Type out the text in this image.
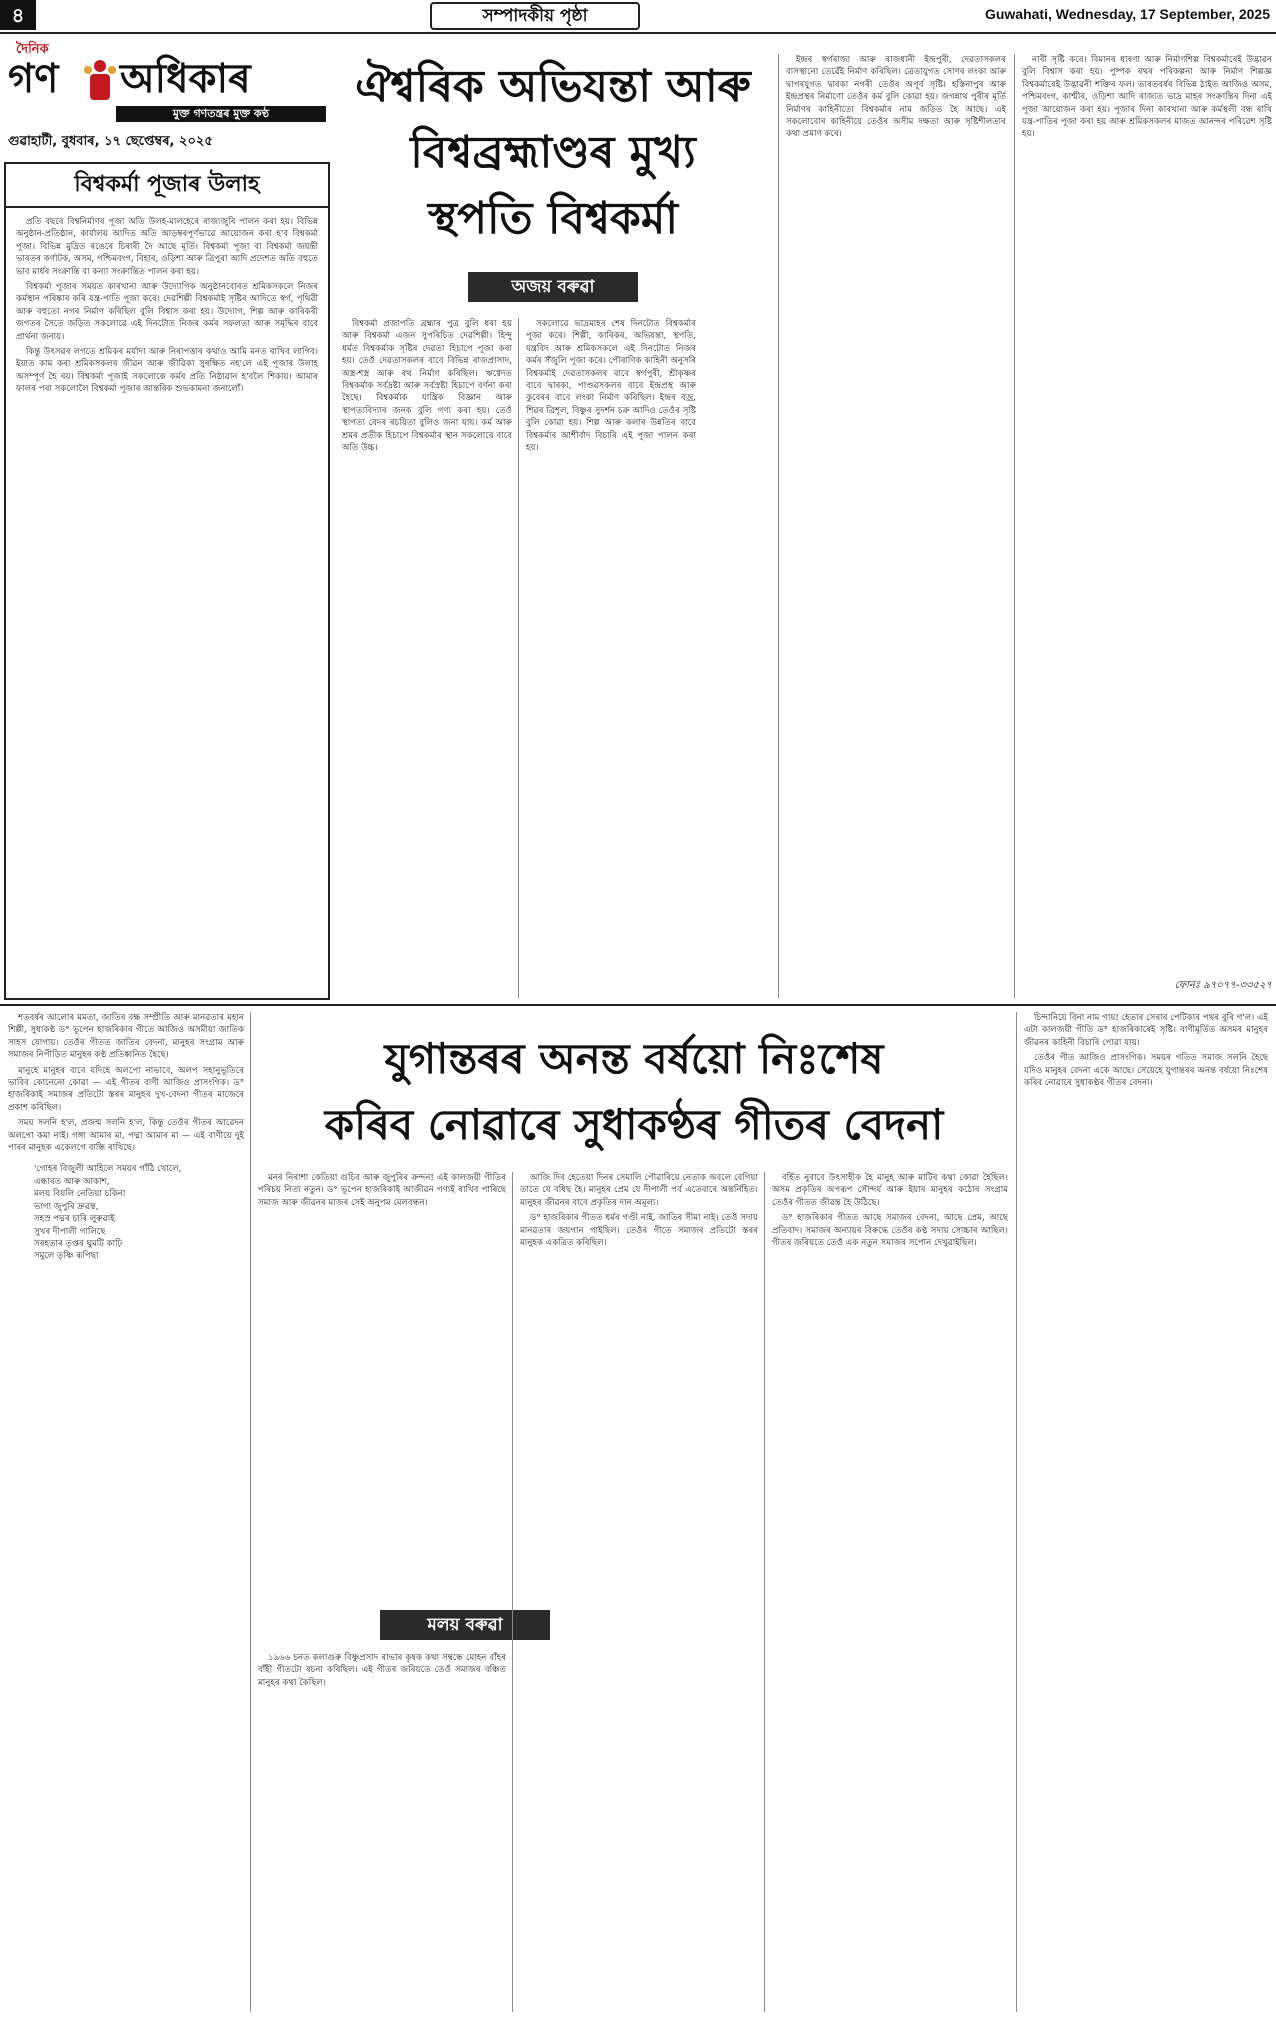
৪	সম্পাদকীয় পৃষ্ঠা	Guwahati, Wednesday, 17 September, 2025
দৈনিক
গণ অধিকাৰ
মুক্ত গণতন্ত্ৰৰ মুক্ত কণ্ঠ
গুৱাহাটী, বুধবাৰ, ১৭ ছেপ্তেম্বৰ, ২০২৫
বিশ্বকৰ্মা পূজাৰ উলাহ

প্ৰতি বছৰে বিশ্বনিৰ্মাণৰ পূজা অতি উলহ-মালহেৰে ৰাজ্যজুৰি পালন কৰা হয়। বিভিন্ন অনুষ্ঠান-প্ৰতিষ্ঠান, কাৰ্যালয় আদিত অতি আড়ম্বৰপূৰ্ণভাৱে আয়োজন কৰা হ'ব বিশ্বকৰ্মা পূজা। বিভিন্ন মুদ্ৰিত ৰঙেৰে চিৰাৰী দৈ আছে মূৰ্তি। বিশ্বকৰ্মা পূজা বা বিশ্বকৰ্মা জয়ন্তী ভাৰতৰ কৰ্ণাটক, অসম, পশ্চিমবংগ, বিহাৰ, ওড়িশা আৰু ত্ৰিপুৰা আদি প্ৰদেশত অতি বহুতে ভাব মাৰ্ধৰ সংক্ৰান্তি বা কন্যা সংক্ৰান্তিত পালন কৰা হয়।

বিশ্বকৰ্মা পূজাৰ সময়ত কাৰখানা আৰু উদ্যোগিক অনুষ্ঠানবোৰত শ্ৰমিকসকলে নিজৰ কৰ্মস্থান পৰিষ্কাৰ কৰি যন্ত্ৰ-পাতি পূজা কৰে। দেৱশিল্পী বিশ্বকৰ্মাই সৃষ্টিৰ আদিতে স্বৰ্গ, পৃথিৱী আৰু বহুতো নগৰ নিৰ্মাণ কৰিছিল বুলি বিশ্বাস কৰা হয়। উদ্যোগ, শিল্প আৰু কাৰিকৰী জগতৰ সৈতে জড়িত সকলোৱে এই দিনটোত নিজৰ কৰ্মৰ সফলতা আৰু সমৃদ্ধিৰ বাবে প্ৰাৰ্থনা জনায়।

কিন্তু উৎসৱৰ লগতে শ্ৰমিকৰ মৰ্যাদা আৰু নিৰাপত্তাৰ কথাও আমি মনত ৰাখিব লাগিব। ইয়াত কাম কৰা শ্ৰমিকসকলৰ জীৱন আৰু জীৱিকা সুৰক্ষিত নহ'লে এই পূজাৰ উলাহ অসম্পূৰ্ণ হৈ ৰয়। বিশ্বকৰ্মা পূজাই সকলোকে কৰ্মৰ প্ৰতি নিষ্ঠাৱান হ'বলৈ শিকায়। আমাৰ ফালৰ পৰা সকলোলৈ বিশ্বকৰ্মা পূজাৰ আন্তৰিক শুভকামনা জনালোঁ।

ঐশ্বৰিক অভিযন্তা আৰু
বিশ্বব্ৰহ্মাণ্ডৰ মুখ্য
স্থপতি বিশ্বকৰ্মা
অজয় বৰুৱা

বিশ্বকৰ্মা প্ৰজাপতি ব্ৰহ্মাৰ পুত্ৰ বুলি ধৰা হয় আৰু বিশ্বকৰ্মা এজন সুপৰিচিত দেৱশিল্পী। হিন্দু ধৰ্মত বিশ্বকৰ্মাক সৃষ্টিৰ দেৱতা হিচাপে পূজা কৰা হয়। তেওঁ দেৱতাসকলৰ বাবে বিভিন্ন ৰাজপ্ৰাসাদ, অস্ত্ৰ-শস্ত্ৰ আৰু ৰথ নিৰ্মাণ কৰিছিল। ঋগ্বেদত বিশ্বকৰ্মাক সৰ্বদ্ৰষ্টা আৰু সৰ্বস্ৰষ্টা হিচাপে বৰ্ণনা কৰা হৈছে। বিশ্বকৰ্মাক যান্ত্ৰিক বিজ্ঞান আৰু স্থাপত্যবিদ্যাৰ জনক বুলি গণ্য কৰা হয়। তেওঁ স্থাপত্য বেদৰ ৰচয়িতা বুলিও জনা যায়। কৰ্ম আৰু শ্ৰমৰ প্ৰতীক হিচাপে বিশ্বকৰ্মাৰ স্থান সকলোৰে বাবে অতি উচ্চ।

সকলোৱে ভাদ্ৰমাহৰ শেষ দিনটোত বিশ্বকৰ্মাৰ পূজা কৰে। শিল্পী, কাৰিকৰ, অভিযন্তা, স্থপতি, যন্ত্ৰবিদ আৰু শ্ৰমিকসকলে এই দিনটোত নিজৰ কৰ্মৰ সঁজুলি পূজা কৰে। পৌৰাণিক কাহিনী অনুসৰি বিশ্বকৰ্মাই দেৱতাসকলৰ বাবে স্বৰ্গপুৰী, শ্ৰীকৃষ্ণৰ বাবে দ্বাৰকা, পাণ্ডৱসকলৰ বাবে ইন্দ্ৰপ্ৰস্থ আৰু কুবেৰৰ বাবে লংকা নিৰ্মাণ কৰিছিল। ইন্দ্ৰৰ বজ্ৰ, শিৱৰ ত্ৰিশূল, বিষ্ণুৰ সুদৰ্শন চক্ৰ আদিও তেওঁৰ সৃষ্টি বুলি কোৱা হয়। শিল্প আৰু কলাৰ উন্নতিৰ বাবে বিশ্বকৰ্মাৰ আশীৰ্বাদ বিচাৰি এই পূজা পালন কৰা হয়।

ইন্দ্ৰৰ স্বৰ্গৰাজ্য আৰু ৰাজধানী ইন্দ্ৰপুৰী, দেৱতাসকলৰ বাসস্থানো তেৱেঁই নিৰ্মাণ কৰিছিল। ত্ৰেতাযুগত সোণৰ লংকা আৰু দ্বাপৰযুগত দ্বাৰকা নগৰী তেওঁৰ অপূৰ্ব সৃষ্টি। হস্তিনাপুৰ আৰু ইন্দ্ৰপ্ৰস্থৰ নিৰ্মাণো তেওঁৰ কৰ্ম বুলি কোৱা হয়। জগন্নাথ পুৰীৰ মূৰ্তি নিৰ্মাণৰ কাহিনীতো বিশ্বকৰ্মাৰ নাম জড়িত হৈ আছে। এই সকলোবোৰ কাহিনীয়ে তেওঁৰ অসীম দক্ষতা আৰু সৃষ্টিশীলতাৰ কথা প্ৰমাণ কৰে।

নাৰী সৃষ্টি কৰে। বিমানৰ ধাৰণা আৰু নিৰ্মাণশিল্প বিশ্বকৰ্মাৰেই উদ্ভাৱন বুলি বিশ্বাস কৰা হয়। পুষ্পক ৰথৰ পৰিকল্পনা আৰু নিৰ্মাণ শিল্পজ্ঞ বিশ্বকৰ্মাৰেই উদ্ভাৱনী শক্তিৰ ফল। ভাৰতবৰ্ষৰ বিভিন্ন ঠাইত আজিও অসম, পশ্চিমবংগ, কাশ্মীৰ, ওড়িশা আদি ৰাজ্যত ভাদ্ৰ মাহৰ সংক্ৰান্তিৰ দিনা এই পূজা আয়োজন কৰা হয়। পূজাৰ দিনা কাৰখানা আৰু কৰ্মস্থলী বন্ধ ৰাখি যন্ত্ৰ-পাতিৰ পূজা কৰা হয় আৰু শ্ৰমিকসকলৰ মাজত আনন্দৰ পৰিৱেশ সৃষ্টি হয়।

ফোনঃ ৯৭০৭৭-৩৩৫২৭

শতবৰ্ষৰ আলোৰ মমতা, জাতিৰ বক্ষ সম্প্ৰীতি আৰু মানৱতাৰ মহান শিল্পী, সুধাকণ্ঠ ড° ভূপেন হাজৰিকাৰ গীতে আজিও অসমীয়া জাতিক সাহস যোগায়। তেওঁৰ গীতত জাতিৰ বেদনা, মানুহৰ সংগ্ৰাম আৰু সমাজৰ নিপীড়িত মানুহৰ কণ্ঠ প্ৰতিধ্বনিত হৈছে।

মানুহে মানুহৰ বাবে যদিহে অলপো নাভাবে, অলপ সহানুভূতিৰে ভাবিব কোনেনো কোৱা — এই গীতৰ বাণী আজিও প্ৰাসংগিক। ড° হাজৰিকাই সমাজৰ প্ৰতিটো স্তৰৰ মানুহৰ দুখ-বেদনা গীতৰ মাজেৰে প্ৰকাশ কৰিছিল।

সময় সলনি হ'ল, প্ৰজন্ম সলনি হ'ল, কিন্তু তেওঁৰ গীতৰ আৱেদন অলপো কমা নাই। গঙ্গা আমাৰ মা, পদ্মা আমাৰ মা — এই বাণীয়ে দুই পাৰৰ মানুহক একেলগে বান্ধি ৰাখিছে।

'গোহৰ বিজুলী আহিলে সময়ৰ গাঁঠি খোলে,

এন্ধাৰত আৰু আকাশ,

মলয় বিয়লি নেতিয়া চকিনা

ভাগ্য জুপুৰি দ্ৰুৱন্ত,

সহস্ৰ পদ্মৰ চাৰি লুৰুৱাই

সুখৰ দীপালী গালিছে

সৰহতাৰ তৃপ্তৰ ঘুমটি কাঢ়ি

সমুলে তৃষ্ণি ৰূপিছা

যুগান্তৰৰ অনন্ত বৰ্ষয়ো নিঃশেষ
কৰিব নোৱাৰে সুধাকণ্ঠৰ গীতৰ বেদনা

মনৰ নিৰাশা কেতিয়া গুচিব আৰু জুপুৰিৰ ক্ৰন্দন! এই কালজয়ী গীতিৰ পৰিচয় নিত্য নতুন। ড° ভূপেন হাজৰিকাই আজীৱন গণ্যই ৰাখিব পাৰিছে সমাজ আৰু জীৱনৰ মাজৰ সেই অনুপম মেলবন্ধন।

মলয় বৰুৱা

১৯৬৬ চনত কলাগুৰু বিষ্ণুপ্ৰসাদ ৰাভাৰ কৃষক কথা সম্বন্ধে মোহন বাঁহৰ বাঁহী গীতটো ৰচনা কৰিছিল। এই গীতৰ জৰিয়তে তেওঁ সমাজৰ বঞ্চিত মানুহৰ কথা কৈছিল।

আজি দিব হেতেয়া দিনৰ সেমালি পৌৱাৰিয়ে নেতাক অবলে বেগিয়া তাতে যে বধিছ হৈ। মানুহৰ প্ৰেম যে দীপালী পৰ্ব এতেবাৰে অন্তৰ্নিহিত। মানুহৰ জীৱনৰ বাবে প্ৰকৃতিৰ দান অমূল্য।

ড° হাজৰিকাৰ গীতত ধৰ্মৰ গণ্ডী নাই, জাতিৰ সীমা নাই। তেওঁ সদায় মানৱতাৰ জয়গান গাইছিল। তেওঁৰ গীতে সমাজৰ প্ৰতিটো স্তৰৰ মানুহক একত্ৰিত কৰিছিল।

বৰ্হিত নুবাবে উৎসাহীক হৈ মানুহ আৰু মাটিৰ কথা কোৱা হৈছিল। অসম প্ৰকৃতিৰ অপৰূপ সৌন্দৰ্য আৰু ইয়াৰ মানুহৰ কঠোৰ সংগ্ৰাম তেওঁৰ গীতত জীৱন্ত হৈ উঠিছে।

ড° হাজৰিকাৰ গীতত আছে সমাজৰ বেদনা, আছে প্ৰেম, আছে প্ৰতিবাদ। সমাজৰ অন্যায়ৰ বিৰুদ্ধে তেওঁৰ কণ্ঠ সদায় সোচ্চাৰ আছিল। গীতৰ জৰিয়তে তেওঁ এক নতুন সমাজৰ সপোন দেখুৱাইছিল।

চিন্দানিয়ে বিনা নাম গায়! হেতাৰ সেৰাৰ পেটিকাৰ পথৰ বুৰি গ'ল। এই এটা কালজয়ী গীতি ড° হাজৰিকাৰেই সৃষ্টি। বাণীমূৰ্তিত অসমৰ মানুহৰ জীৱনৰ কাহিনী বিচাৰি পোৱা যায়।

তেওঁৰ গীত আজিও প্ৰাসংগিক। সময়ৰ গতিত সমাজ সলনি হৈছে যদিও মানুহৰ বেদনা একে আছে। সেয়েহে যুগান্তৰৰ অনন্ত বৰ্ষয়ো নিঃশেষ কৰিব নোৱাৰে সুধাকণ্ঠৰ গীতৰ বেদনা।
